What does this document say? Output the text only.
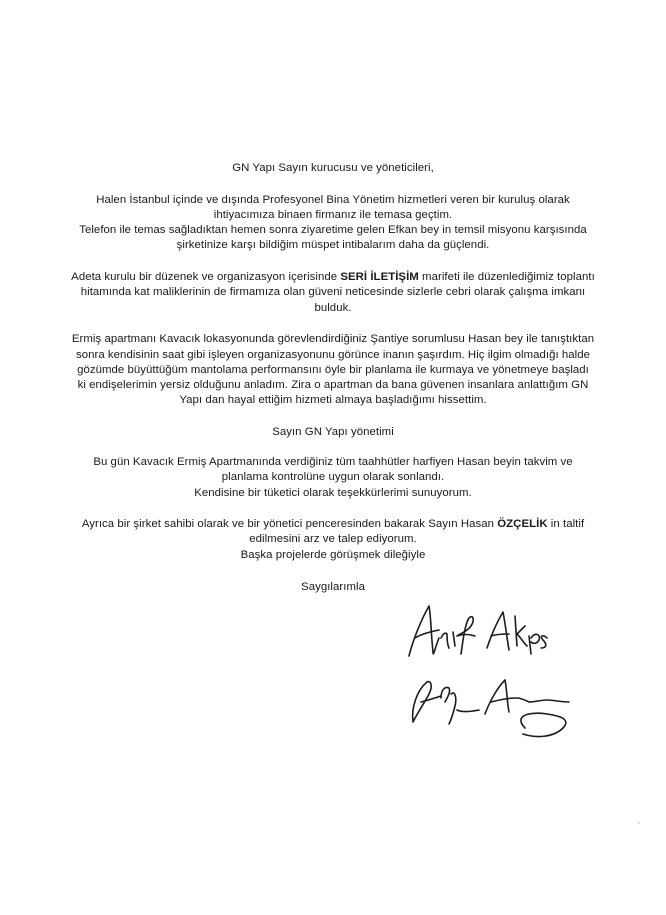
GN Yapı Sayın kurucusu ve yöneticileri,
Halen İstanbul içinde ve dışında Profesyonel Bina Yönetim hizmetleri veren bir kuruluş olarak
ihtiyacımıza binaen firmanız ile temasa geçtim.
Telefon ile temas sağladıktan hemen sonra ziyaretime gelen Efkan bey in temsil misyonu karşısında
şirketinize karşı bildiğim müspet intibalarım daha da güçlendi.
Adeta kurulu bir düzenek ve organizasyon içerisinde SERİ İLETİŞİM marifeti ile düzenlediğimiz toplantı
hitamında kat maliklerinin de firmamıza olan güveni neticesinde sizlerle cebri olarak çalışma imkanı
bulduk.
Ermiş apartmanı Kavacık lokasyonunda görevlendirdiğiniz Şantiye sorumlusu Hasan bey ile tanıştıktan
sonra kendisinin saat gibi işleyen organizasyonunu görünce inanın şaşırdım. Hiç ilgim olmadığı halde
gözümde büyüttüğüm mantolama performansını öyle bir planlama ile kurmaya ve yönetmeye başladı
ki endişelerimin yersiz olduğunu anladım. Zira o apartman da bana güvenen insanlara anlattığım GN
Yapı dan hayal ettiğim hizmeti almaya başladığımı hissettim.
Sayın GN Yapı yönetimi
Bu gün Kavacık Ermiş Apartmanında verdiğiniz tüm taahhütler harfiyen Hasan beyin takvim ve
planlama kontrolüne uygun olarak sonlandı.
Kendisine bir tüketici olarak teşekkürlerimi sunuyorum.
Ayrıca bir şirket sahibi olarak ve bir yönetici penceresinden bakarak Sayın Hasan ÖZÇELİK in taltif
edilmesini arz ve talep ediyorum.
Başka projelerde görüşmek dileğiyle
Saygılarımla
